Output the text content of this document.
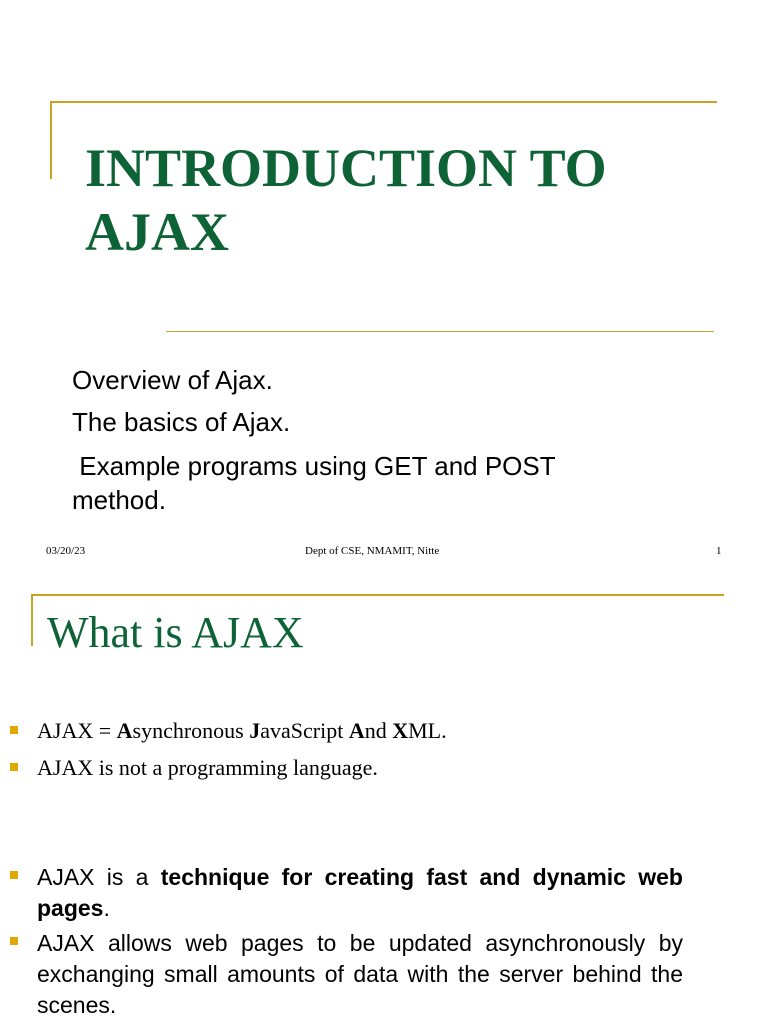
INTRODUCTION TO
AJAX
Overview of Ajax.
The basics of Ajax.
Example programs using GET and POST method.
03/20/23	Dept of CSE, NMAMIT, Nitte	1
What is AJAX
AJAX = Asynchronous JavaScript And XML.
AJAX is not a programming language.
AJAX is a technique for creating fast and dynamic web pages.
AJAX allows web pages to be updated asynchronously by exchanging small amounts of data with the server behind the scenes.
